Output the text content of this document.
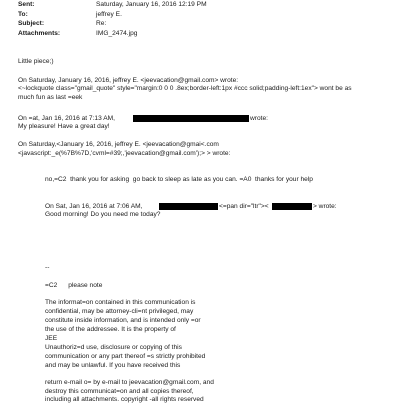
Sent:	Saturday, January 16, 2016 12:19 PM
To:	jeffrey E.
Subject:	Re:
Attachments:	IMG_2474.jpg
Little piece;)
On Saturday, January 16, 2016, jeffrey E. <jeevacation@gmail.com> wrote:
<~lockquote class="gmail_quote" style="margin:0 0 0 .8ex;border-left:1px #ccc solid;padding-left:1ex"> wont be as
much fun as last =eek
On =at, Jan 16, 2016 at 7:13 AM,	wrote:
My pleasure! Have a great day!
On Saturday,<January 16, 2016, jeffrey E. <jeevacation@gmai<.com
<javascript:_e(%7B%7D,'cvml=#39;,'jeevacation@gmail.com');> > wrote:
no,=C2  thank you for asking  go back to sleep as late as you can. =A0  thanks for your help
On Sat, Jan 16, 2016 at 7:06 AM,	<=pan dir="ltr"><	> wrote:
Good morning! Do you need me today?
--
=C2      please note
The informat=on contained in this communication is
confidential, may be attorney-cli=nt privileged, may
constitute inside information, and is intended only =or
the use of the addressee. It is the property of
JEE
Unauthoriz=d use, disclosure or copying of this
communication or any part thereof =s strictly prohibited
and may be unlawful. If you have received this
return e-mail o= by e-mail to jeevacation@gmail.com, and
destroy this communicat=on and all copies thereof,
including all attachments. copyright -all rights reserved
